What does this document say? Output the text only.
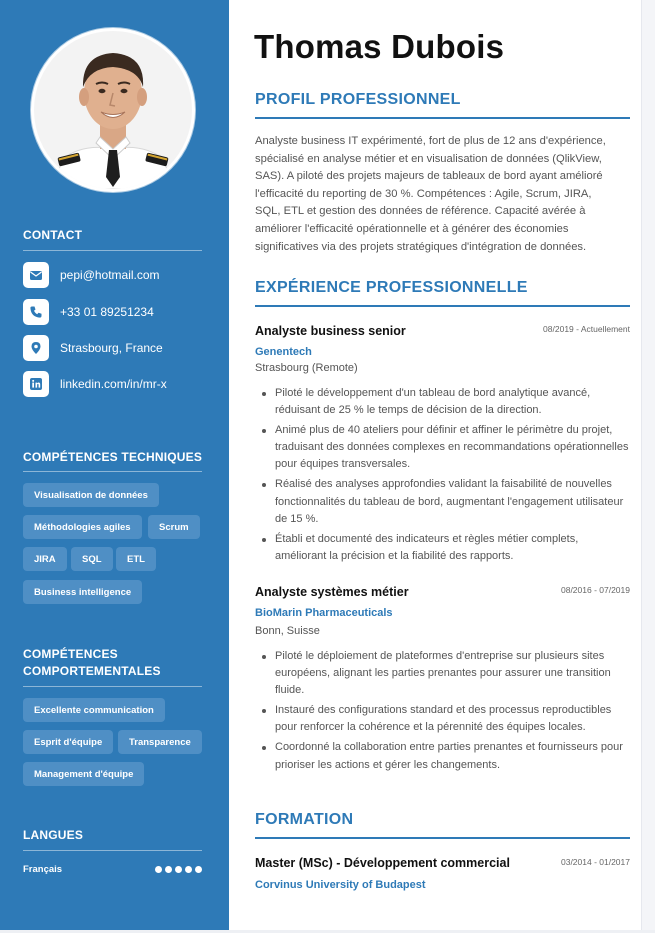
CONTACT
pepi@hotmail.com
+33 01 89251234
Strasbourg, France
linkedin.com/in/mr-x
COMPÉTENCES TECHNIQUES
Visualisation de données
Méthodologies agiles	Scrum
JIRA	SQL	ETL
Business intelligence
COMPÉTENCES
COMPORTEMENTALES
Excellente communication
Esprit d'équipe	Transparence
Management d'équipe
LANGUES
Français
Thomas Dubois
PROFIL PROFESSIONNEL

Analyste business IT expérimenté, fort de plus de 12 ans d'expérience, spécialisé en analyse métier et en visualisation de données (QlikView, SAS). A piloté des projets majeurs de tableaux de bord ayant amélioré l'efficacité du reporting de 30 %. Compétences : Agile, Scrum, JIRA, SQL, ETL et gestion des données de référence. Capacité avérée à améliorer l'efficacité opérationnelle et à générer des économies significatives via des projets stratégiques d'intégration de données.

EXPÉRIENCE PROFESSIONNELLE
Analyste business senior	08/2019 - Actuellement
Genentech
Strasbourg (Remote)
Piloté le développement d'un tableau de bord analytique avancé, réduisant de 25 % le temps de décision de la direction.
Animé plus de 40 ateliers pour définir et affiner le périmètre du projet, traduisant des données complexes en recommandations opérationnelles pour équipes transversales.
Réalisé des analyses approfondies validant la faisabilité de nouvelles fonctionnalités du tableau de bord, augmentant l'engagement utilisateur de 15 %.
Établi et documenté des indicateurs et règles métier complets, améliorant la précision et la fiabilité des rapports.
Analyste systèmes métier	08/2016 - 07/2019
BioMarin Pharmaceuticals
Bonn, Suisse
Piloté le déploiement de plateformes d'entreprise sur plusieurs sites européens, alignant les parties prenantes pour assurer une transition fluide.
Instauré des configurations standard et des processus reproductibles pour renforcer la cohérence et la pérennité des équipes locales.
Coordonné la collaboration entre parties prenantes et fournisseurs pour prioriser les actions et gérer les changements.
FORMATION
Master (MSc) - Développement commercial	03/2014 - 01/2017
Corvinus University of Budapest
